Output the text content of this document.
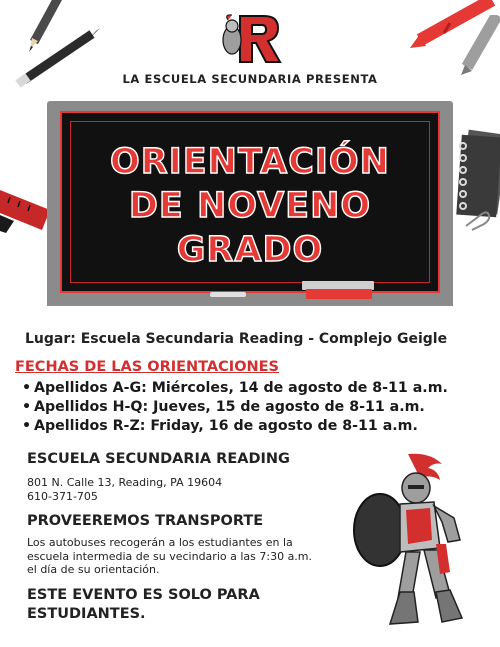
LA ESCUELA SECUNDARIA PRESENTA
ORIENTACIÓN
DE NOVENO
GRADO
Lugar: Escuela Secundaria Reading - Complejo Geigle
FECHAS DE LAS ORIENTACIONES
• Apellidos A-G: Miércoles, 14 de agosto de 8-11 a.m.
• Apellidos H-Q: Jueves, 15 de agosto de 8-11 a.m.
• Apellidos R-Z: Friday, 16 de agosto de 8-11 a.m.
ESCUELA SECUNDARIA READING
801 N. Calle 13, Reading, PA 19604
610-371-705
PROVEEREMOS TRANSPORTE
Los autobuses recogerán a los estudiantes en la
escuela intermedia de su vecindario a las 7:30 a.m.
el día de su orientación.
ESTE EVENTO ES SOLO PARA
ESTUDIANTES.
